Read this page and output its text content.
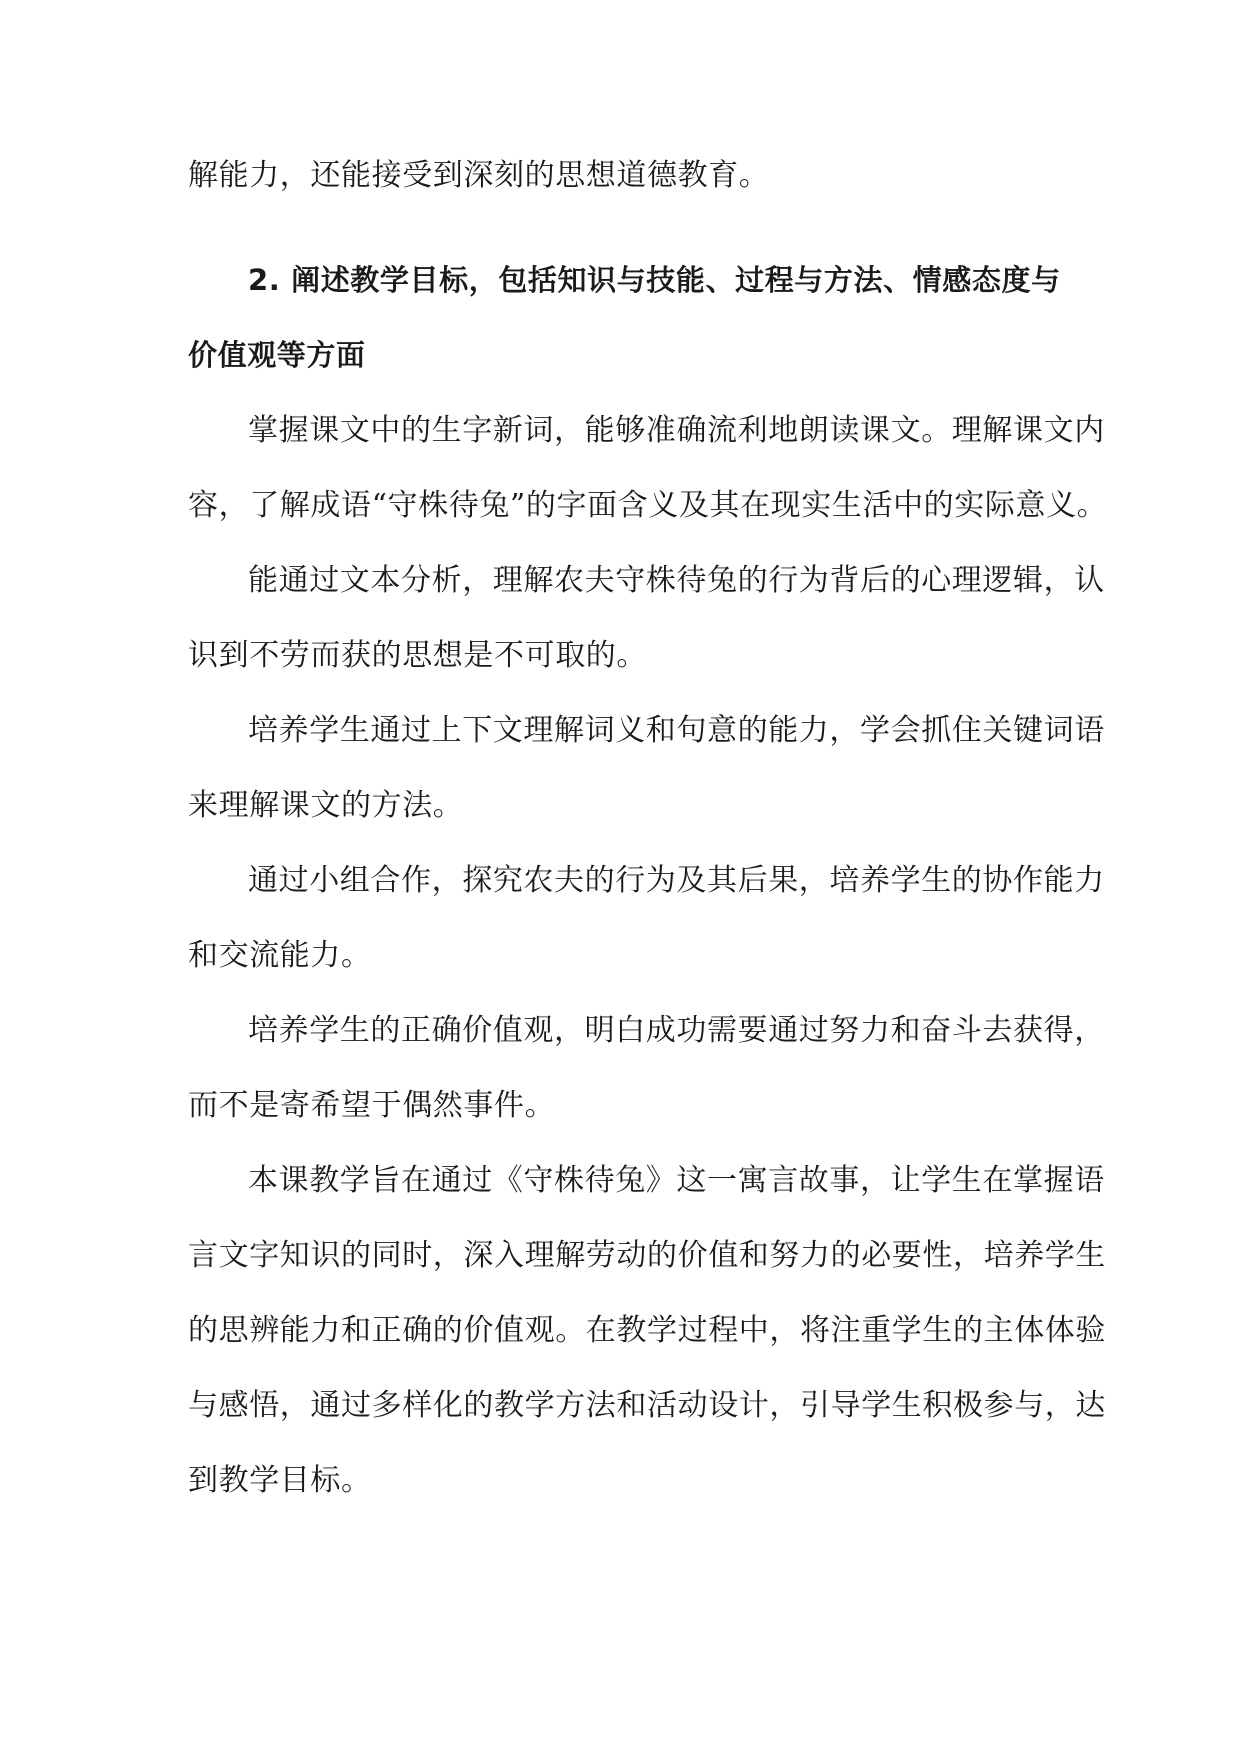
解能力，还能接受到深刻的思想道德教育。
2. 阐述教学目标，包括知识与技能、过程与方法、情感态度与
价值观等方面
掌握课文中的生字新词，能够准确流利地朗读课文。理解课文内
容，了解成语“守株待兔”的字面含义及其在现实生活中的实际意义。
能通过文本分析，理解农夫守株待兔的行为背后的心理逻辑，认
识到不劳而获的思想是不可取的。
培养学生通过上下文理解词义和句意的能力，学会抓住关键词语
来理解课文的方法。
通过小组合作，探究农夫的行为及其后果，培养学生的协作能力
和交流能力。
培养学生的正确价值观，明白成功需要通过努力和奋斗去获得，
而不是寄希望于偶然事件。
本课教学旨在通过《守株待兔》这一寓言故事，让学生在掌握语
言文字知识的同时，深入理解劳动的价值和努力的必要性，培养学生
的思辨能力和正确的价值观。在教学过程中，将注重学生的主体体验
与感悟，通过多样化的教学方法和活动设计，引导学生积极参与，达
到教学目标。
